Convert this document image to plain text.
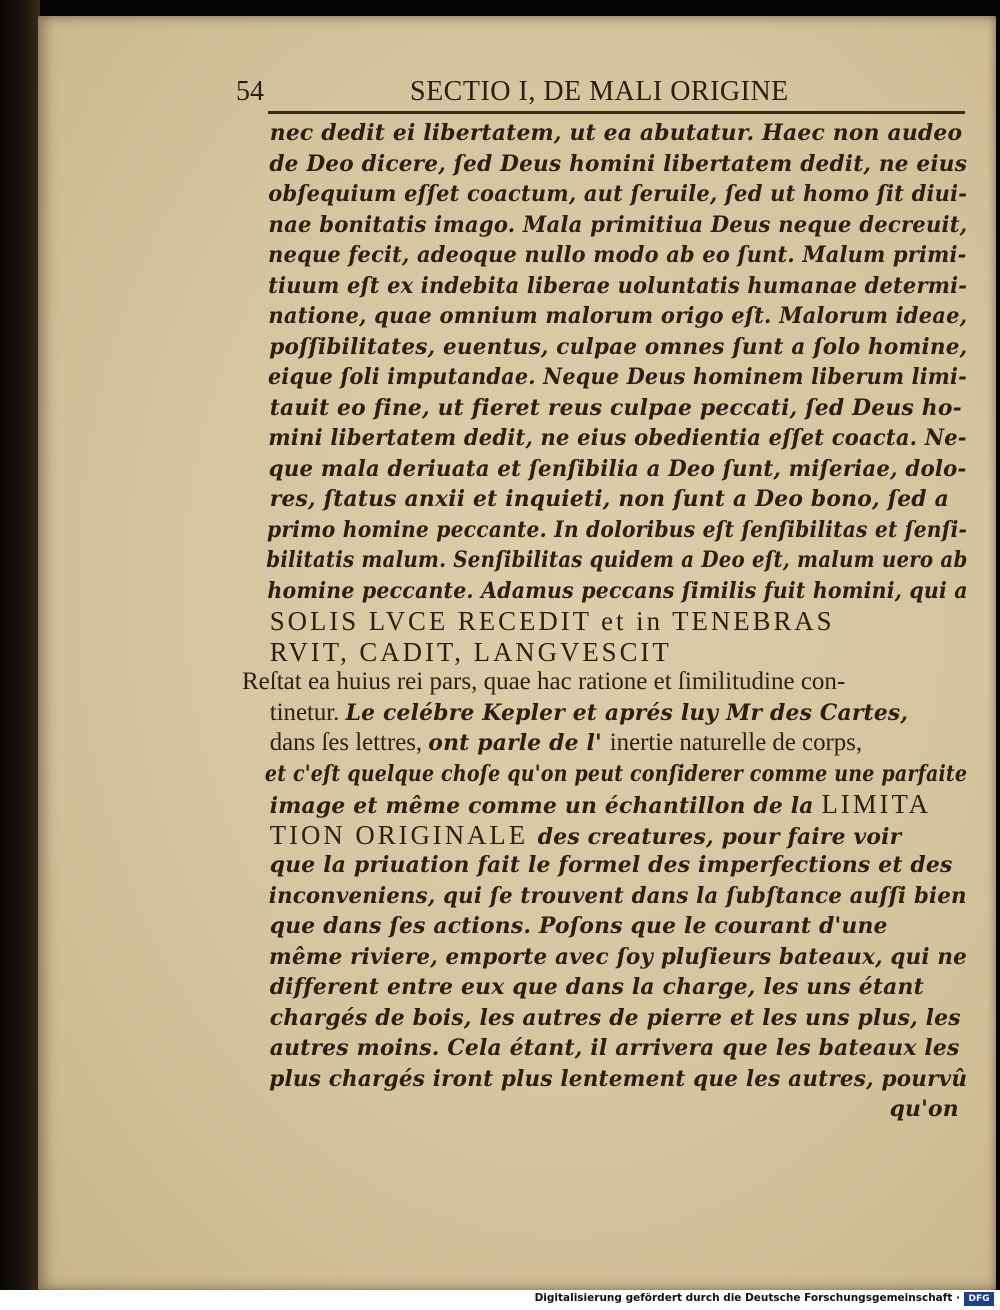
54	SECTIO I, DE MALI ORIGINE
nec dedit ei libertatem, ut ea abutatur. Haec non audeo
de Deo dicere, ſed Deus homini libertatem dedit, ne eius
obſequium eſſet coactum, aut ſeruile, ſed ut homo ſit diui-
nae bonitatis imago. Mala primitiua Deus neque decreuit,
neque fecit, adeoque nullo modo ab eo ſunt. Malum primi-
tiuum eſt ex indebita liberae uoluntatis humanae determi-
natione, quae omnium malorum origo eſt. Malorum ideae,
poſſibilitates, euentus, culpae omnes ſunt a ſolo homine,
eique ſoli imputandae. Neque Deus hominem liberum limi-
tauit eo fine, ut fieret reus culpae peccati, ſed Deus ho-
mini libertatem dedit, ne eius obedientia eſſet coacta. Ne-
que mala deriuata et ſenſibilia a Deo ſunt, miſeriae, dolo-
res, ſtatus anxii et inquieti, non ſunt a Deo bono, ſed a
primo homine peccante. In doloribus eſt ſenſibilitas et ſenſi-
bilitatis malum. Senſibilitas quidem a Deo eſt, malum uero ab
homine peccante. Adamus peccans ſimilis fuit homini, qui a
SOLIS LVCE RECEDIT et in TENEBRAS
RVIT, CADIT, LANGVESCIT
Reſtat ea huius rei pars, quae hac ratione et ſimilitudine con-
tinetur. Le celébre Kepler et aprés luy Mr des Cartes,
dans ſes lettres, ont parle de l' inertie naturelle de corps,
et c'eſt quelque choſe qu'on peut conſiderer comme une parfaite
image et même comme un échantillon de la LIMITA
TION ORIGINALE des creatures, pour faire voir
que la priuation fait le formel des imperfections et des
inconveniens, qui ſe trouvent dans la ſubſtance auſſi bien
que dans ſes actions. Poſons que le courant d'une
même riviere, emporte avec ſoy pluſieurs bateaux, qui ne
different entre eux que dans la charge, les uns étant
chargés de bois, les autres de pierre et les uns plus, les
autres moins. Cela étant, il arrivera que les bateaux les
plus chargés iront plus lentement que les autres, pourvû
qu'on
Digitalisierung gefördert durch die Deutsche Forschungsgemeinschaft · DFG
